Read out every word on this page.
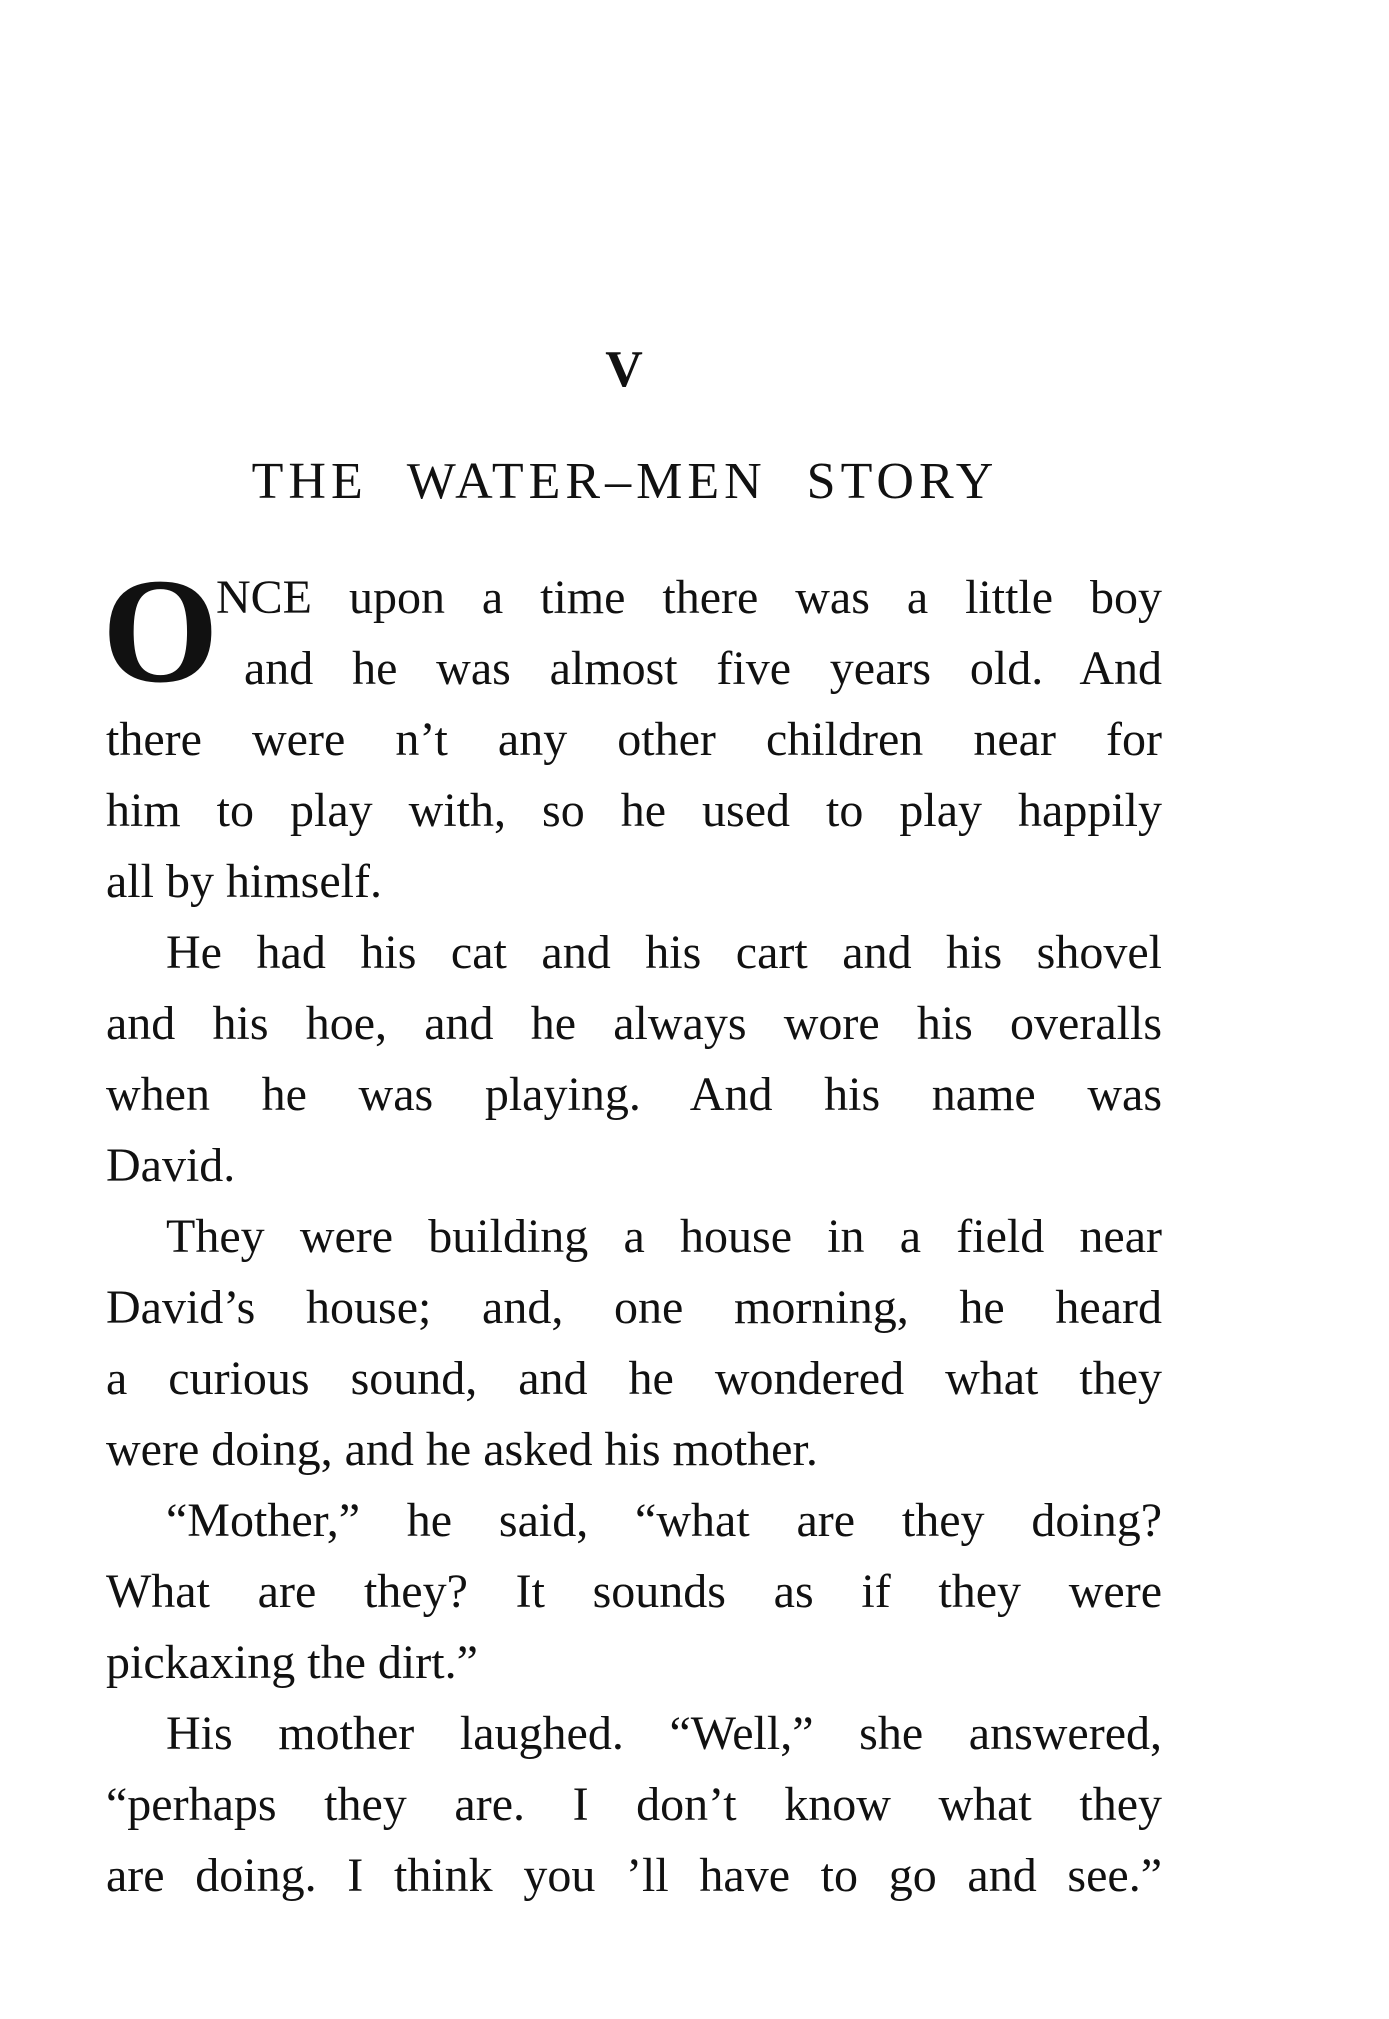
V
THE WATER–MEN STORY
O
NCE upon a time there was a little boy
and he was almost five years old. And
there were n’t any other children near for
him to play with, so he used to play happily
all by himself.
He had his cat and his cart and his shovel
and his hoe, and he always wore his overalls
when he was playing. And his name was
David.
They were building a house in a field near
David’s house; and, one morning, he heard
a curious sound, and he wondered what they
were doing, and he asked his mother.
“Mother,” he said, “what are they doing?
What are they? It sounds as if they were
pickaxing the dirt.”
His mother laughed. “Well,” she answered,
“perhaps they are. I don’t know what they
are doing. I think you ’ll have to go and see.”
